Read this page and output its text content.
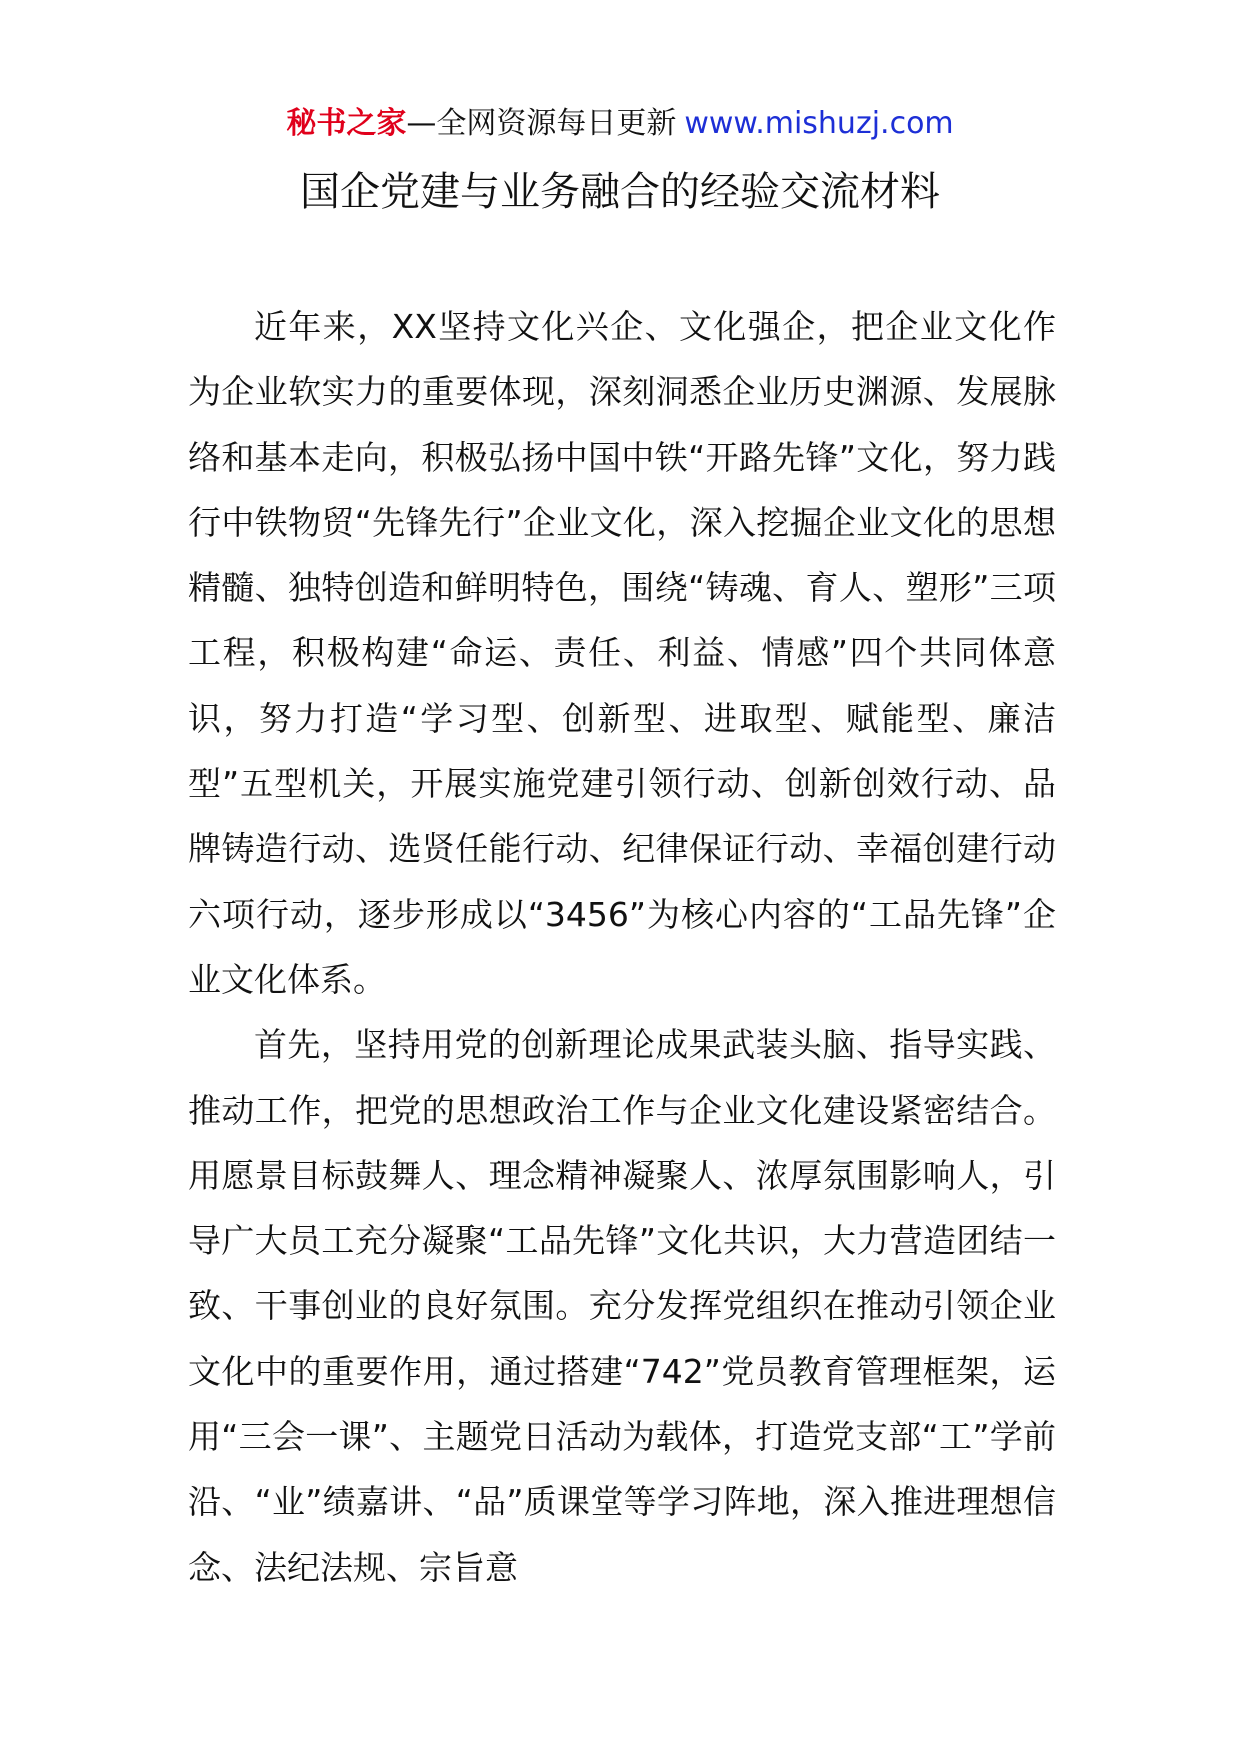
秘书之家—全网资源每日更新 www.mishuzj.com
国企党建与业务融合的经验交流材料

近年来，XX坚持文化兴企、文化强企，把企业文化作为企业软实力的重要体现，深刻洞悉企业历史渊源、发展脉络和基本走向，积极弘扬中国中铁“开路先锋”文化，努力践行中铁物贸“先锋先行”企业文化，深入挖掘企业文化的思想精髓、独特创造和鲜明特色，围绕“铸魂、育人、塑形”三项工程，积极构建“命运、责任、利益、情感”四个共同体意识，努力打造“学习型、创新型、进取型、赋能型、廉洁型”五型机关，开展实施党建引领行动、创新创效行动、品牌铸造行动、选贤任能行动、纪律保证行动、幸福创建行动六项行动，逐步形成以“3456”为核心内容的“工品先锋”企业文化体系。

首先，坚持用党的创新理论成果武装头脑、指导实践、推动工作，把党的思想政治工作与企业文化建设紧密结合。用愿景目标鼓舞人、理念精神凝聚人、浓厚氛围影响人，引导广大员工充分凝聚“工品先锋”文化共识，大力营造团结一致、干事创业的良好氛围。充分发挥党组织在推动引领企业文化中的重要作用，通过搭建“742”党员教育管理框架，运用“三会一课”、主题党日活动为载体，打造党支部“工”学前沿、“业”绩嘉讲、“品”质课堂等学习阵地，深入推进理想信念、法纪法规、宗旨意
